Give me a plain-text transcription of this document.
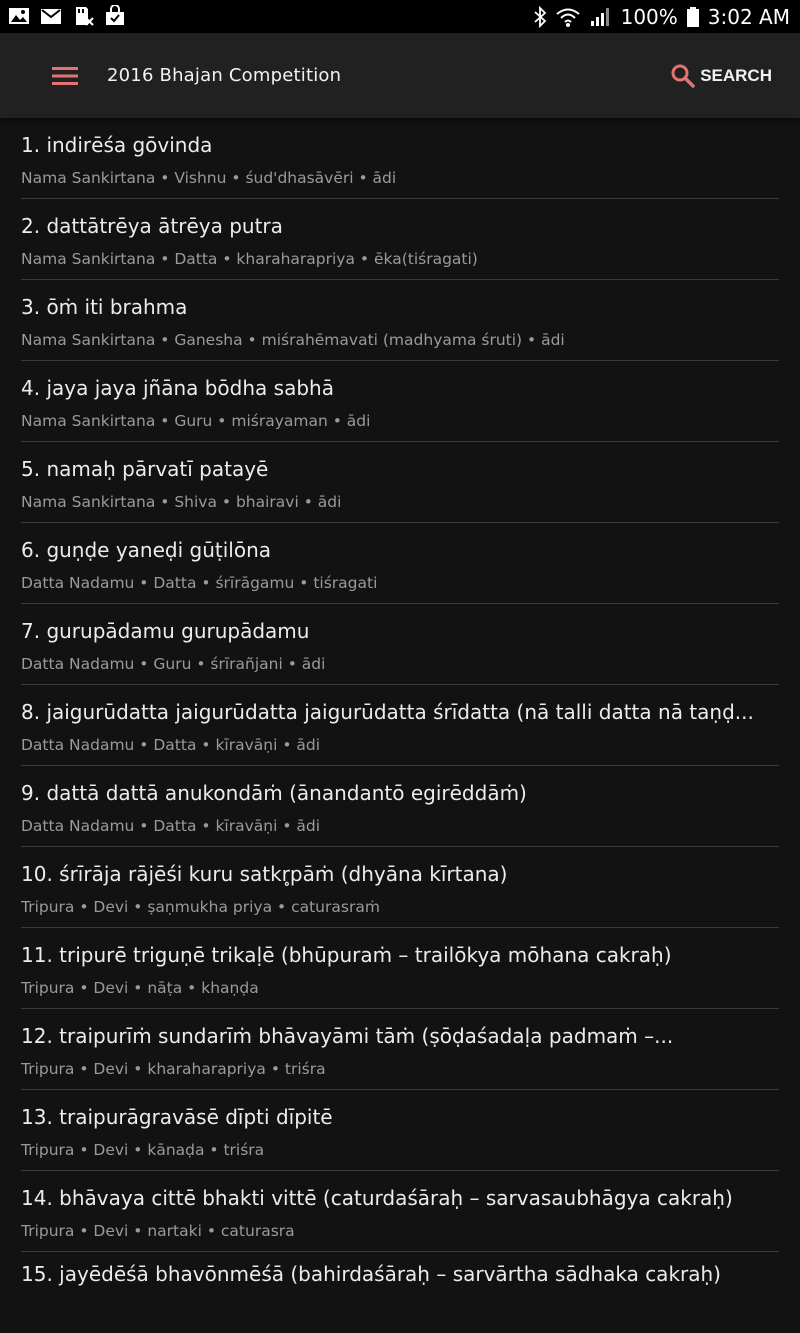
100% 3:02 AM
2016 Bhajan Competition	SEARCH
1. indirēśa gōvinda
Nama Sankirtana • Vishnu • śud'dhasāvēri • ādi
2. dattātrēya ātrēya putra
Nama Sankirtana • Datta • kharaharapriya • ēka(tiśragati)
3. ōṁ iti brahma
Nama Sankirtana • Ganesha • miśrahēmavati (madhyama śruti) • ādi
4. jaya jaya jñāna bōdha sabhā
Nama Sankirtana • Guru • miśrayaman • ādi
5. namaḥ pārvatī patayē
Nama Sankirtana • Shiva • bhairavi • ādi
6. guṇḍe yaneḍi gūṭilōna
Datta Nadamu • Datta • śrīrāgamu • tiśragati
7. gurupādamu gurupādamu
Datta Nadamu • Guru • śrīrañjani • ādi
8. jaigurūdatta jaigurūdatta jaigurūdatta śrīdatta (nā talli datta nā taṇḍ...
Datta Nadamu • Datta • kīravāṇi • ādi
9. dattā dattā anukondāṁ (ānandantō egirēddāṁ)
Datta Nadamu • Datta • kīravāṇi • ādi
10. śrīrāja rājēśi kuru satkr̥pāṁ (dhyāna kīrtana)
Tripura • Devi • ṣaṇmukha priya • caturasraṁ
11. tripurē triguṇē trikaḷē (bhūpuraṁ – trailōkya mōhana cakraḥ)
Tripura • Devi • nāṭa • khaṇḍa
12. traipurīṁ sundarīṁ bhāvayāmi tāṁ (ṣōḍaśadaḷa padmaṁ –...
Tripura • Devi • kharaharapriya • triśra
13. traipurāgravāsē dīpti dīpitē
Tripura • Devi • kānaḍa • triśra
14. bhāvaya cittē bhakti vittē (caturdaśāraḥ – sarvasaubhāgya cakraḥ)
Tripura • Devi • nartaki • caturasra
15. jayēdēśā bhavōnmēśā (bahirdaśāraḥ – sarvārtha sādhaka cakraḥ)
